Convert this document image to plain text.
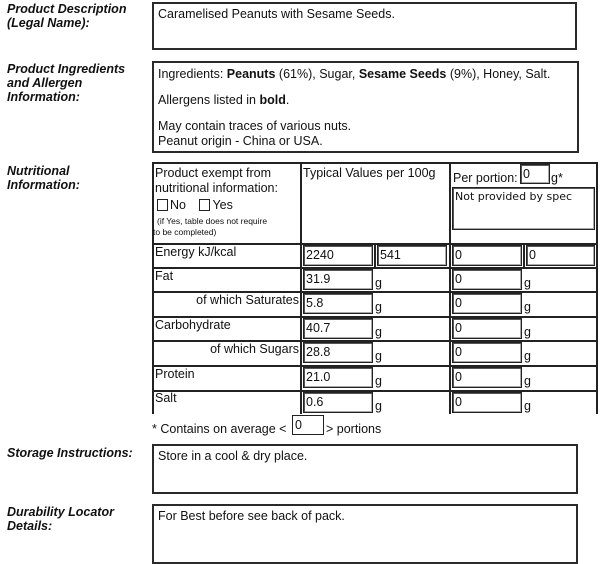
Product Description
(Legal Name):

Caramelised Peanuts with Sesame Seeds.

Product Ingredients
and Allergen
Information:

Ingredients: Peanuts (61%), Sugar, Sesame Seeds (9%), Honey, Salt.

Allergens listed in bold.

May contain traces of various nuts.

Peanut origin - China or USA.

Nutritional
Information:
Product exempt from
nutritional information:
No Yes
(if Yes, table does not require
to be completed)
Typical Values per 100g Per portion: 0	g*
Not provided by spec
Energy kJ/kcal	2240	541	0	0
Fat	31.9	g	0	g
of which Saturates 5.8	g	0	g
Carbohydrate	40.7	g	0	g
of which Sugars 28.8	g	0	g
Protein	21.0	g	0	g
Salt	0.6	g	0	g
* Contains on average < 0	> portions
Storage Instructions: Store in a cool & dry place.

Durability Locator
Details:

For Best before see back of pack.
